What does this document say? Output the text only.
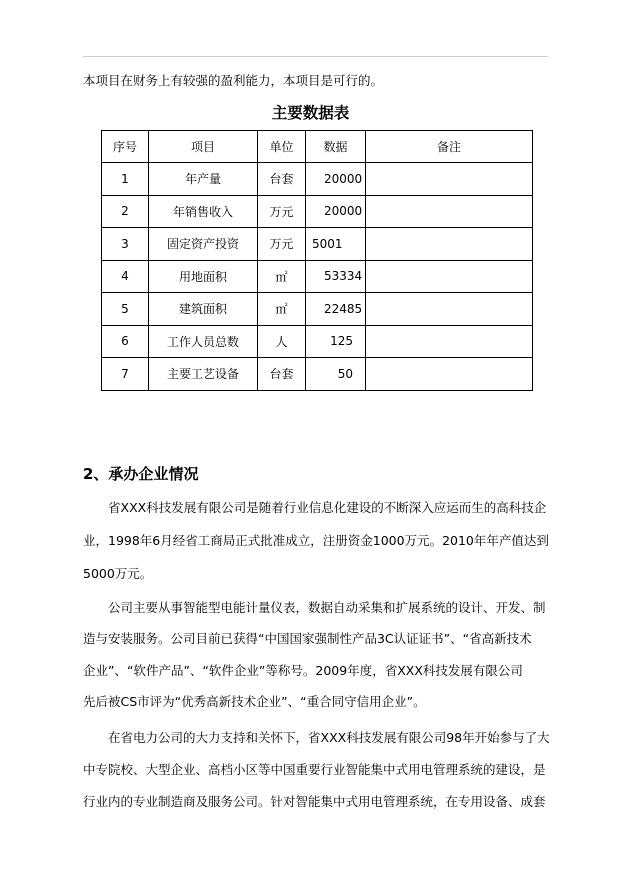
本项目在财务上有较强的盈利能力，本项目是可行的。
主要数据表
序号	项目	单位	数据	备注
1	年产量	台套	20000	
2	年销售收入	万元	20000	
3	固定资产投资	万元	5001	
4	用地面积	㎡	53334	
5	建筑面积	㎡	22485	
6	工作人员总数	人	125	
7	主要工艺设备	台套	50	
2、承办企业情况
省XXX科技发展有限公司是随着行业信息化建设的不断深入应运而生的高科技企
业，1998年6月经省工商局正式批准成立，注册资金1000万元。2010年年产值达到
5000万元。
公司主要从事智能型电能计量仪表，数据自动采集和扩展系统的设计、开发、制
造与安装服务。公司目前已获得“中国国家强制性产品3C认证证书”、“省高新技术
企业”、“软件产品”、“软件企业”等称号。2009年度，省XXX科技发展有限公司
先后被CS市评为“优秀高新技术企业”、“重合同守信用企业”。
在省电力公司的大力支持和关怀下，省XXX科技发展有限公司98年开始参与了大
中专院校、大型企业、高档小区等中国重要行业智能集中式用电管理系统的建设，是
行业内的专业制造商及服务公司。针对智能集中式用电管理系统，在专用设备、成套
